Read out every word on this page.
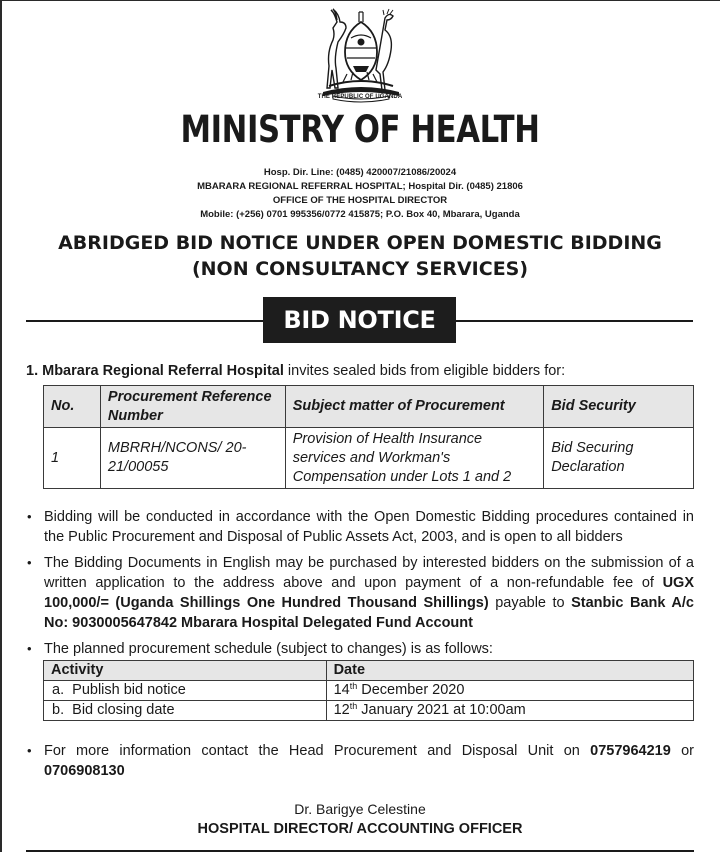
THE REPUBLIC OF UGANDA
MINISTRY OF HEALTH
Hosp. Dir. Line: (0485) 420007/21086/20024
MBARARA REGIONAL REFERRAL HOSPITAL; Hospital Dir. (0485) 21806
OFFICE OF THE HOSPITAL DIRECTOR
Mobile: (+256) 0701 995356/0772 415875; P.O. Box 40, Mbarara, Uganda
ABRIDGED BID NOTICE UNDER OPEN DOMESTIC BIDDING
(NON CONSULTANCY SERVICES)
BID NOTICE
1. Mbarara Regional Referral Hospital invites sealed bids from eligible bidders for:
No.	Procurement Reference Number	Subject matter of Procurement	Bid Security
1	MBRRH/NCONS/ 20-21/00055	Provision of Health Insurance services and Workman's Compensation under Lots 1 and 2	Bid Securing Declaration
• Bidding will be conducted in accordance with the Open Domestic Bidding procedures contained in the Public Procurement and Disposal of Public Assets Act, 2003, and is open to all bidders
• The Bidding Documents in English may be purchased by interested bidders on the submission of a written application to the address above and upon payment of a non-refundable fee of UGX 100,000/= (Uganda Shillings One Hundred Thousand Shillings) payable to Stanbic Bank A/c No: 9030005647842 Mbarara Hospital Delegated Fund Account
• The planned procurement schedule (subject to changes) is as follows:
Activity	Date
a. Publish bid notice	14th December 2020
b. Bid closing date	12th January 2021 at 10:00am
• For more information contact the Head Procurement and Disposal Unit on 0757964219 or 0706908130
Dr. Barigye Celestine
HOSPITAL DIRECTOR/ ACCOUNTING OFFICER
